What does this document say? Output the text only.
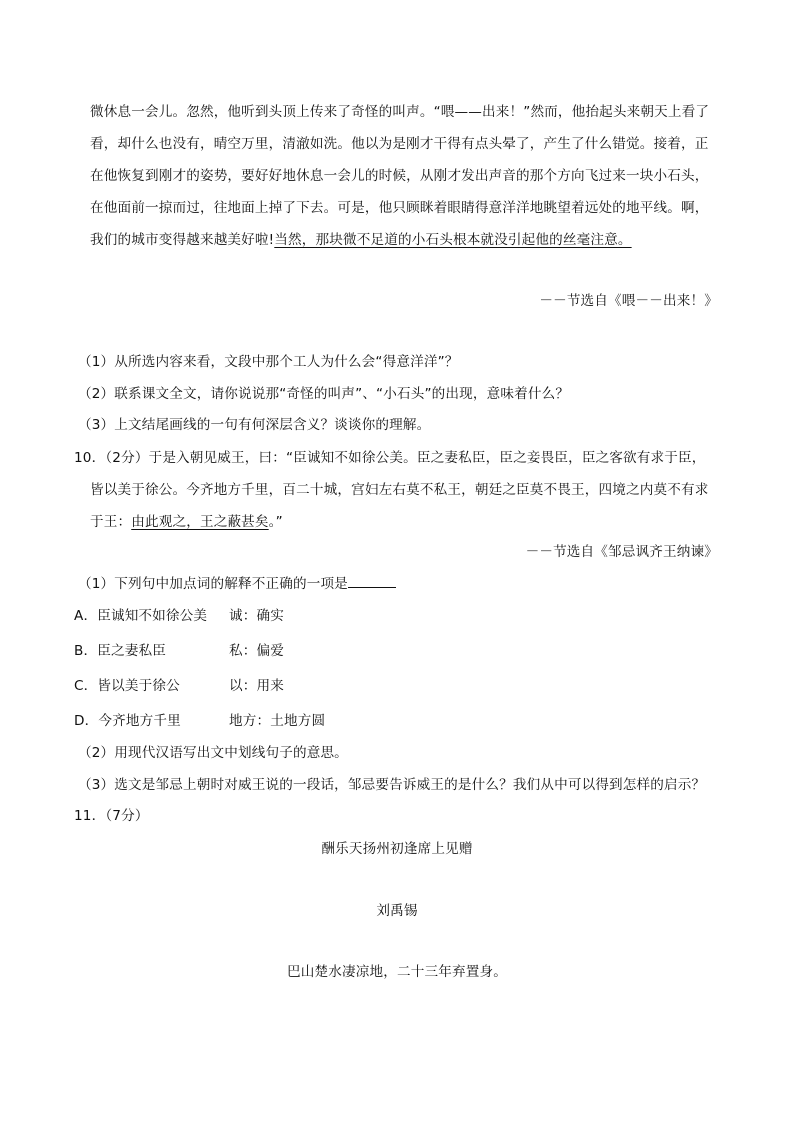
微休息一会儿。忽然，他听到头顶上传来了奇怪的叫声。“喂——出来！”然而，他抬起头来朝天上看了
看，却什么也没有，晴空万里，清澈如洗。他以为是刚才干得有点头晕了，产生了什么错觉。接着，正
在他恢复到刚才的姿势，要好好地休息一会儿的时候，从刚才发出声音的那个方向飞过来一块小石头，
在他面前一掠而过，往地面上掉了下去。可是，他只顾眯着眼睛得意洋洋地眺望着远处的地平线。啊，
我们的城市变得越来越美好啦!当然，那块微不足道的小石头根本就没引起他的丝毫注意。
－－节选自《喂－－出来！》
（1）从所选内容来看，文段中那个工人为什么会“得意洋洋”？
（2）联系课文全文，请你说说那“奇怪的叫声”、“小石头”的出现，意味着什么？
（3）上文结尾画线的一句有何深层含义？谈谈你的理解。
10．（2分）于是入朝见威王，曰：“臣诚知不如徐公美。臣之妻私臣，臣之妾畏臣，臣之客欲有求于臣，
皆以美于徐公。今齐地方千里，百二十城，宫妇左右莫不私王，朝廷之臣莫不畏王，四境之内莫不有求
于王：由此观之，王之蔽甚矣。”
－－节选自《邹忌讽齐王纳谏》
（1）下列句中加点词的解释不正确的一项是
A．臣诚知不如徐公美 诚：确实
B．臣之妻私臣	私：偏爱
C．皆以美于徐公	以：用来
D．今齐地方千里	地方：土地方圆
（2）用现代汉语写出文中划线句子的意思。
（3）选文是邹忌上朝时对威王说的一段话，邹忌要告诉威王的是什么？我们从中可以得到怎样的启示？
11．（7分）
酬乐天扬州初逢席上见赠
刘禹锡
巴山楚水凄凉地，二十三年弃置身。
